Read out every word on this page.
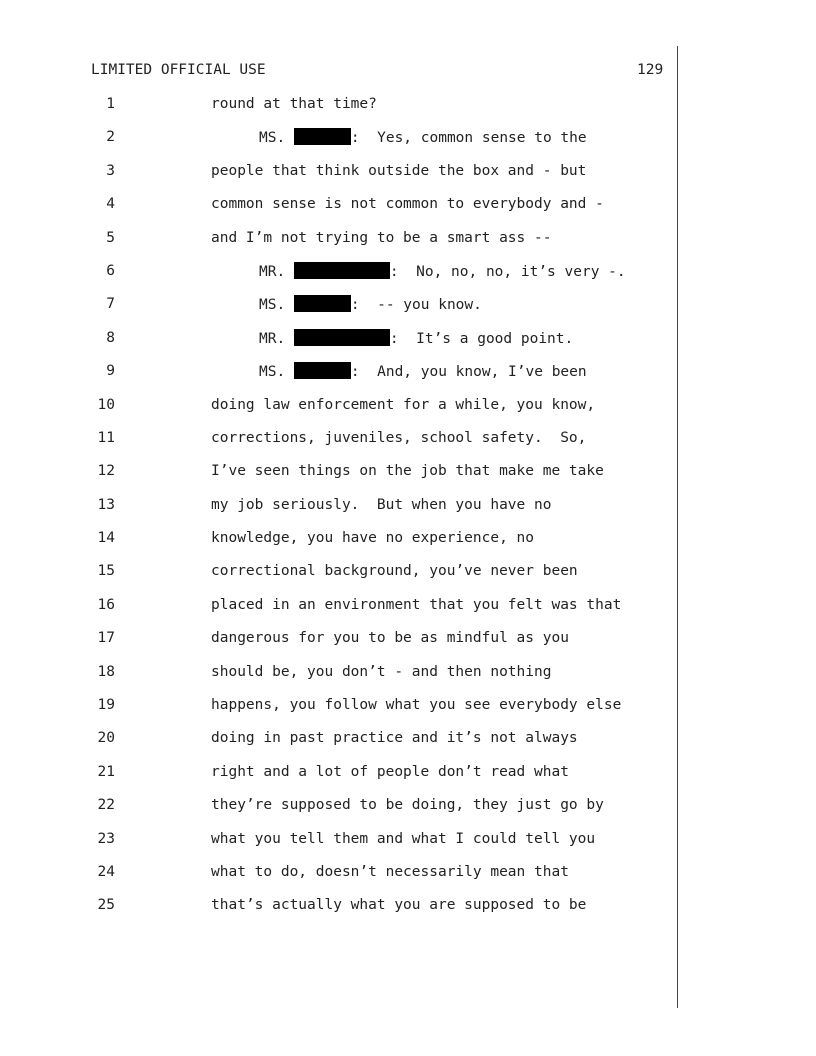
LIMITED OFFICIAL USE	129
1	round at that time?
2	MS.	:  Yes, common sense to the
3	people that think outside the box and - but
4	common sense is not common to everybody and -
5	and I’m not trying to be a smart ass --
6	MR.	:  No, no, no, it’s very -.
7	MS.	:  -- you know.
8	MR.	:  It’s a good point.
9	MS.	:  And, you know, I’ve been
10	doing law enforcement for a while, you know,
11	corrections, juveniles, school safety.  So,
12	I’ve seen things on the job that make me take
13	my job seriously.  But when you have no
14	knowledge, you have no experience, no
15	correctional background, you’ve never been
16	placed in an environment that you felt was that
17	dangerous for you to be as mindful as you
18	should be, you don’t - and then nothing
19	happens, you follow what you see everybody else
20	doing in past practice and it’s not always
21	right and a lot of people don’t read what
22	they’re supposed to be doing, they just go by
23	what you tell them and what I could tell you
24	what to do, doesn’t necessarily mean that
25	that’s actually what you are supposed to be
